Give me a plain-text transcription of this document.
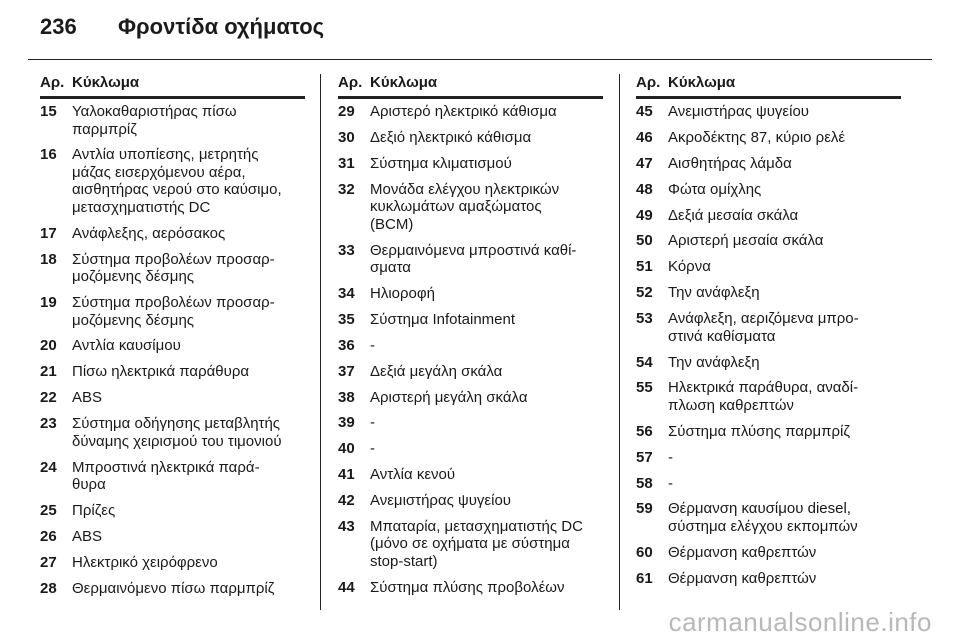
236	Φροντίδα οχήματος
Αρ. Κύκλωμα
15	Υαλοκαθαριστήρας πίσω
παρμπρίζ
16	Αντλία υποπίεσης, μετρητής
μάζας εισερχόμενου αέρα,
αισθητήρας νερού στο καύσιμο,
μετασχηματιστής DC
17	Ανάφλεξης, αερόσακος
18	Σύστημα προβολέων προσαρ-
μοζόμενης δέσμης
19	Σύστημα προβολέων προσαρ-
μοζόμενης δέσμης
20	Αντλία καυσίμου
21	Πίσω ηλεκτρικά παράθυρα
22	ABS
23	Σύστημα οδήγησης μεταβλητής
δύναμης χειρισμού του τιμονιού
24	Μπροστινά ηλεκτρικά παρά-
θυρα
25	Πρίζες
26	ABS
27	Ηλεκτρικό χειρόφρενο
28	Θερμαινόμενο πίσω παρμπρίζ
Αρ. Κύκλωμα
29	Αριστερό ηλεκτρικό κάθισμα
30	Δεξιό ηλεκτρικό κάθισμα
31	Σύστημα κλιματισμού
32	Μονάδα ελέγχου ηλεκτρικών
κυκλωμάτων αμαξώματος
(BCM)
33	Θερμαινόμενα μπροστινά καθί-
σματα
34	Ηλιοροφή
35	Σύστημα Infotainment
36	-
37	Δεξιά μεγάλη σκάλα
38	Αριστερή μεγάλη σκάλα
39	-
40	-
41	Αντλία κενού
42	Ανεμιστήρας ψυγείου
43	Μπαταρία, μετασχηματιστής DC
(μόνο σε οχήματα με σύστημα
stop-start)
44	Σύστημα πλύσης προβολέων
Αρ. Κύκλωμα
45	Ανεμιστήρας ψυγείου
46	Ακροδέκτης 87, κύριο ρελέ
47	Αισθητήρας λάμδα
48	Φώτα ομίχλης
49	Δεξιά μεσαία σκάλα
50	Αριστερή μεσαία σκάλα
51	Κόρνα
52	Την ανάφλεξη
53	Ανάφλεξη, αεριζόμενα μπρο-
στινά καθίσματα
54	Την ανάφλεξη
55	Ηλεκτρικά παράθυρα, αναδί-
πλωση καθρεπτών
56	Σύστημα πλύσης παρμπρίζ
57	-
58	-
59	Θέρμανση καυσίμου diesel,
σύστημα ελέγχου εκπομπών
60	Θέρμανση καθρεπτών
61	Θέρμανση καθρεπτών
carmanualsonline.info
